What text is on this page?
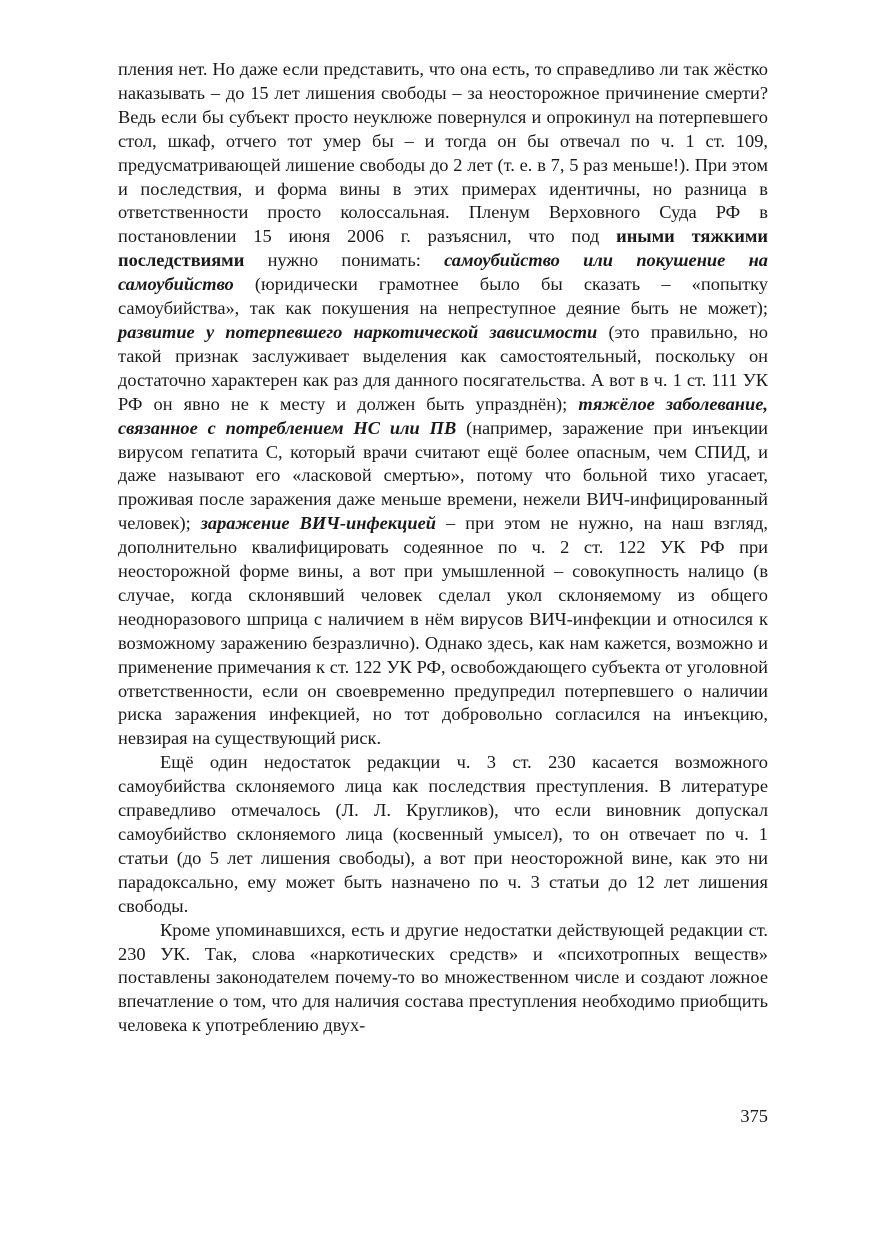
пления нет. Но даже если представить, что она есть, то справедливо ли так жёстко наказывать – до 15 лет лишения свободы – за неосторожное причинение смерти? Ведь если бы субъект просто неуклюже повернулся и опрокинул на потерпевшего стол, шкаф, отчего тот умер бы – и тогда он бы отвечал по ч. 1 ст. 109, предусматривающей лишение свободы до 2 лет (т. е. в 7, 5 раз меньше!). При этом и последствия, и форма вины в этих примерах идентичны, но разница в ответственности просто колоссальная. Пленум Верховного Суда РФ в постановлении 15 июня 2006 г. разъяснил, что под иными тяжкими последствиями нужно понимать: самоубийство или покушение на самоубийство (юридически грамотнее было бы сказать – «попытку самоубийства», так как покушения на непреступное деяние быть не может); развитие у потерпевшего наркотической зависимости (это правильно, но такой признак заслуживает выделения как самостоятельный, поскольку он достаточно характерен как раз для данного посягательства. А вот в ч. 1 ст. 111 УК РФ он явно не к месту и должен быть упразднён); тяжёлое заболевание, связанное с потреблением НС или ПВ (например, заражение при инъекции вирусом гепатита С, который врачи считают ещё более опасным, чем СПИД, и даже называют его «ласковой смертью», потому что больной тихо угасает, проживая после заражения даже меньше времени, нежели ВИЧ-инфицированный человек); заражение ВИЧ-инфекцией – при этом не нужно, на наш взгляд, дополнительно квалифицировать содеянное по ч. 2 ст. 122 УК РФ при неосторожной форме вины, а вот при умышленной – совокупность налицо (в случае, когда склонявший человек сделал укол склоняемому из общего неодноразового шприца с наличием в нём вирусов ВИЧ-инфекции и относился к возможному заражению безразлично). Однако здесь, как нам кажется, возможно и применение примечания к ст. 122 УК РФ, освобождающего субъекта от уголовной ответственности, если он своевременно предупредил потерпевшего о наличии риска заражения инфекцией, но тот добровольно согласился на инъекцию, невзирая на существующий риск.

Ещё один недостаток редакции ч. 3 ст. 230 касается возможного самоубийства склоняемого лица как последствия преступления. В литературе справедливо отмечалось (Л. Л. Кругликов), что если виновник допускал самоубийство склоняемого лица (косвенный умысел), то он отвечает по ч. 1 статьи (до 5 лет лишения свободы), а вот при неосторожной вине, как это ни парадоксально, ему может быть назначено по ч. 3 статьи до 12 лет лишения свободы.

Кроме упоминавшихся, есть и другие недостатки действующей редакции ст. 230 УК. Так, слова «наркотических средств» и «психотропных веществ» поставлены законодателем почему-то во множественном числе и создают ложное впечатление о том, что для наличия состава преступления необходимо приобщить человека к употреблению двух-

375
